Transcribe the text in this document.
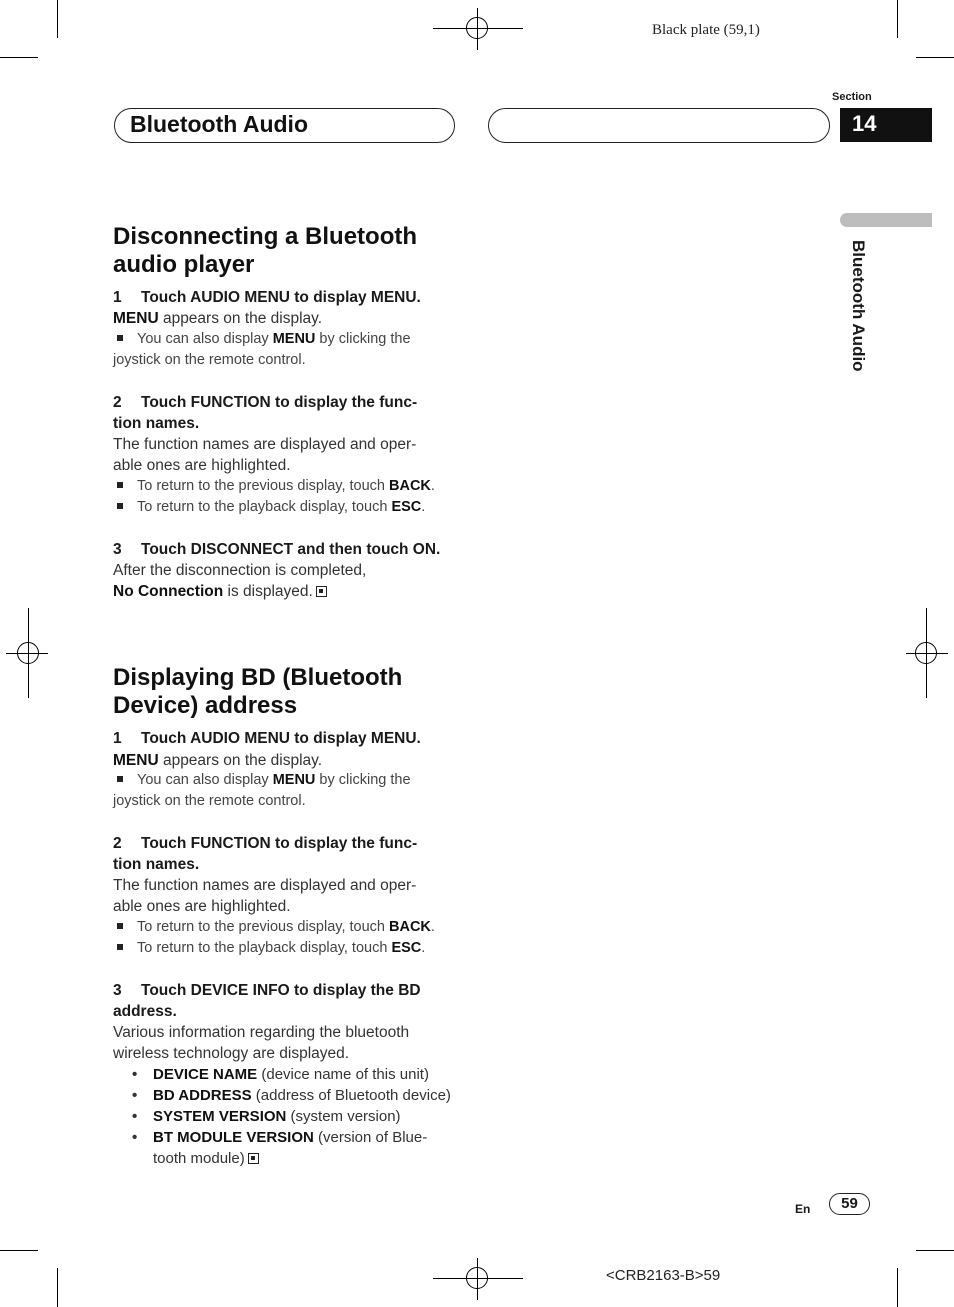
Black plate (59,1)
Bluetooth Audio
Section
14
Bluetooth Audio
Disconnecting a Bluetooth
audio player
1 Touch AUDIO MENU to display MENU.
MENU appears on the display.
You can also display MENU by clicking the
joystick on the remote control.
2 Touch FUNCTION to display the func-
tion names.
The function names are displayed and oper-
able ones are highlighted.
To return to the previous display, touch BACK.
To return to the playback display, touch ESC.
3 Touch DISCONNECT and then touch ON.
After the disconnection is completed,
No Connection is displayed.
Displaying BD (Bluetooth
Device) address
1 Touch AUDIO MENU to display MENU.
MENU appears on the display.
You can also display MENU by clicking the
joystick on the remote control.
2 Touch FUNCTION to display the func-
tion names.
The function names are displayed and oper-
able ones are highlighted.
To return to the previous display, touch BACK.
To return to the playback display, touch ESC.
3 Touch DEVICE INFO to display the BD
address.
Various information regarding the bluetooth
wireless technology are displayed.
• DEVICE NAME (device name of this unit)
• BD ADDRESS (address of Bluetooth device)
• SYSTEM VERSION (system version)
• BT MODULE VERSION (version of Blue-
tooth module)
En	59
<CRB2163-B>59
